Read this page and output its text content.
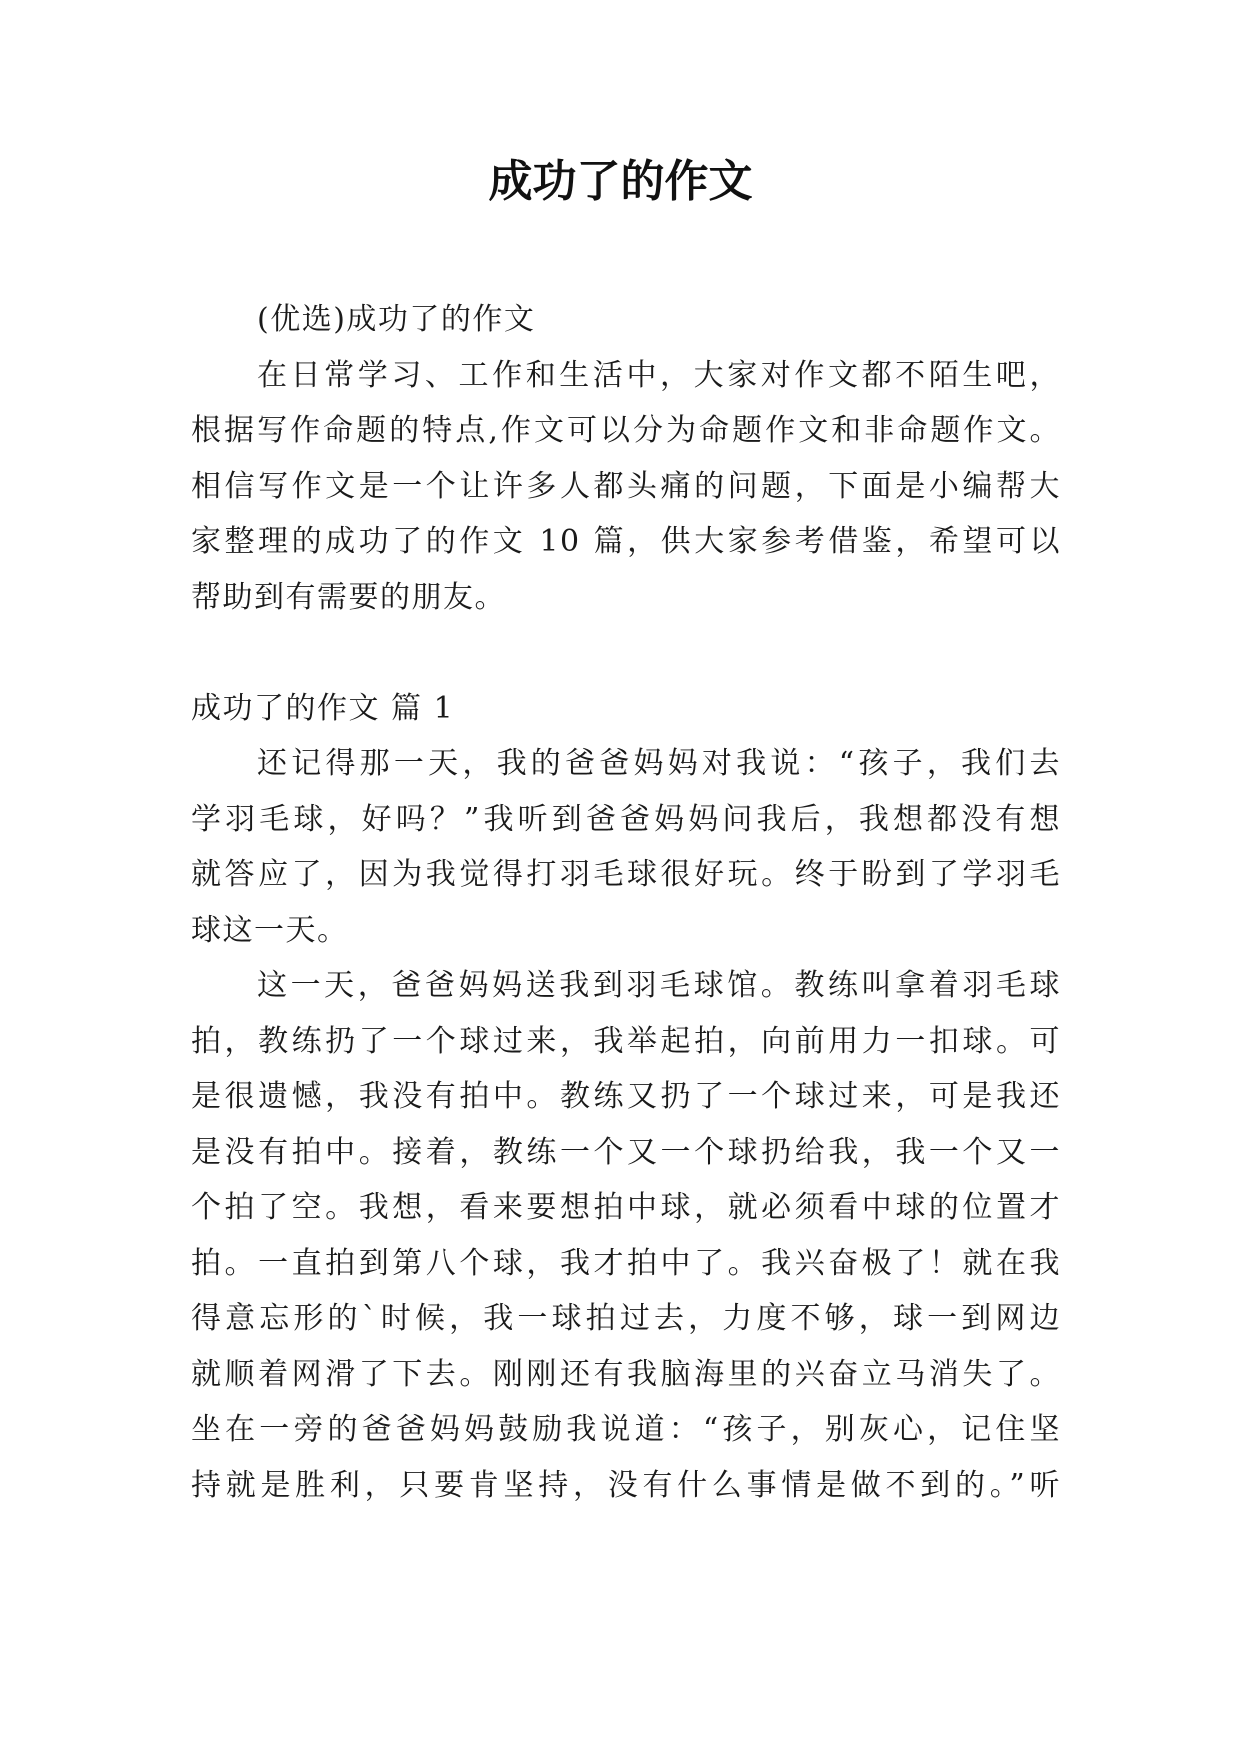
成功了的作文

(优选)成功了的作文

在日常学习、工作和生活中，大家对作文都不陌生吧，

根据写作命题的特点,作文可以分为命题作文和非命题作文。

相信写作文是一个让许多人都头痛的问题，下面是小编帮大

家整理的成功了的作文 10 篇，供大家参考借鉴，希望可以

帮助到有需要的朋友。

成功了的作文 篇 1

还记得那一天，我的爸爸妈妈对我说：“孩子，我们去

学羽毛球，好吗？”我听到爸爸妈妈问我后，我想都没有想

就答应了，因为我觉得打羽毛球很好玩。终于盼到了学羽毛

球这一天。

这一天，爸爸妈妈送我到羽毛球馆。教练叫拿着羽毛球

拍，教练扔了一个球过来，我举起拍，向前用力一扣球。可

是很遗憾，我没有拍中。教练又扔了一个球过来，可是我还

是没有拍中。接着，教练一个又一个球扔给我，我一个又一

个拍了空。我想，看来要想拍中球，就必须看中球的位置才

拍。一直拍到第八个球，我才拍中了。我兴奋极了！就在我

得意忘形的`时候，我一球拍过去，力度不够，球一到网边

就顺着网滑了下去。刚刚还有我脑海里的兴奋立马消失了。

坐在一旁的爸爸妈妈鼓励我说道：“孩子，别灰心，记住坚

持就是胜利，只要肯坚持，没有什么事情是做不到的。”听
